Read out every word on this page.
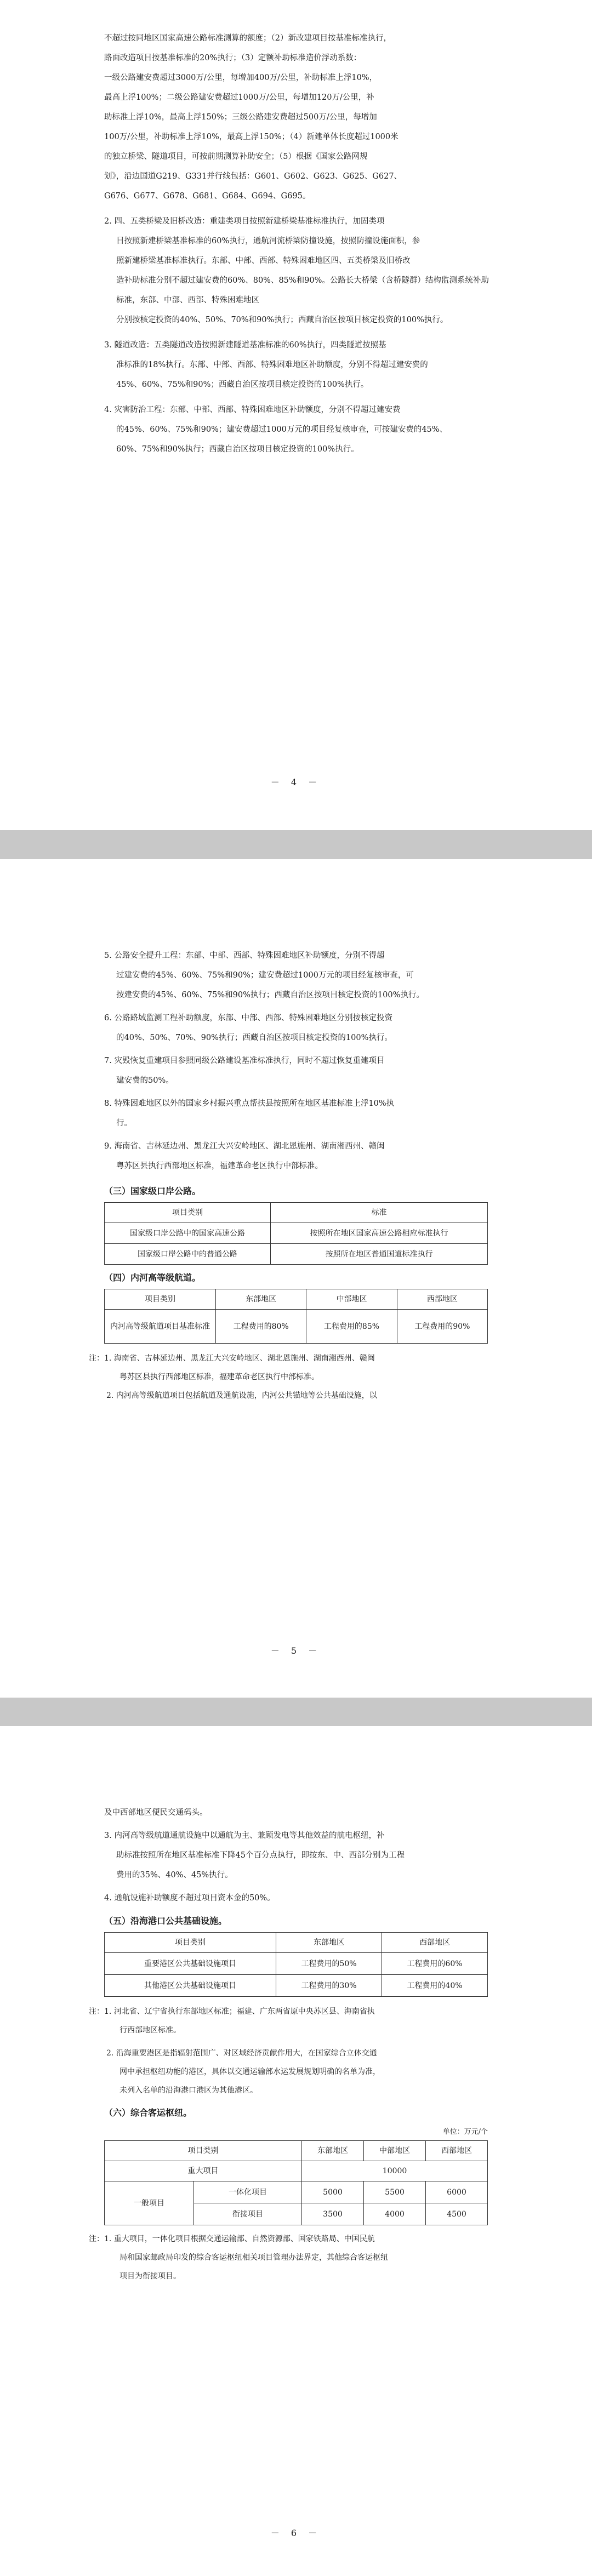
不超过按同地区国家高速公路标准测算的额度；（2）新改建项目按基准标准执行，

路面改造项目按基准标准的20%执行；（3）定额补助标准造价浮动系数：

一级公路建安费超过3000万/公里，每增加400万/公里，补助标准上浮10%，

最高上浮100%；二级公路建安费超过1000万/公里，每增加120万/公里，补

助标准上浮10%，最高上浮150%；三级公路建安费超过500万/公里，每增加

100万/公里，补助标准上浮10%，最高上浮150%；（4）新建单体长度超过1000米

的独立桥梁、隧道项目，可按前期测算补助安全；（5）根据《国家公路网规

划》，沿边国道G219、G331并行线包括：G601、G602、G623、G625、G627、

G676、G677、G678、G681、G684、G694、G695。

2. 四、五类桥梁及旧桥改造：重建类项目按照新建桥梁基准标准执行，加固类项

目按照新建桥梁基准标准的60%执行，通航河流桥梁防撞设施，按照防撞设施面积，参

照新建桥梁基准标准执行。东部、中部、西部、特殊困难地区四、五类桥梁及旧桥改

造补助标准分别不超过建安费的60%、80%、85%和90%。公路长大桥梁（含桥隧群）结构监测系统补助标准，东部、中部、西部、特殊困难地区

分别按核定投资的40%、50%、70%和90%执行；西藏自治区按项目核定投资的100%执行。

3. 隧道改造：五类隧道改造按照新建隧道基准标准的60%执行，四类隧道按照基

准标准的18%执行。东部、中部、西部、特殊困难地区补助额度，分别不得超过建安费的

45%、60%、75%和90%；西藏自治区按项目核定投资的100%执行。

4. 灾害防治工程：东部、中部、西部、特殊困难地区补助额度，分别不得超过建安费

的45%、60%、75%和90%；建安费超过1000万元的项目经复核审查，可按建安费的45%、

60%、75%和90%执行；西藏自治区按项目核定投资的100%执行。

－ 4 －

5. 公路安全提升工程：东部、中部、西部、特殊困难地区补助额度，分别不得超

过建安费的45%、60%、75%和90%；建安费超过1000万元的项目经复核审查，可

按建安费的45%、60%、75%和90%执行；西藏自治区按项目核定投资的100%执行。

6. 公路路域监测工程补助额度，东部、中部、西部、特殊困难地区分别按核定投资

的40%、50%、70%、90%执行；西藏自治区按项目核定投资的100%执行。

7. 灾毁恢复重建项目参照同级公路建设基准标准执行，同时不超过恢复重建项目

建安费的50%。

8. 特殊困难地区以外的国家乡村振兴重点帮扶县按照所在地区基准标准上浮10%执

行。

9. 海南省、吉林延边州、黑龙江大兴安岭地区、湖北恩施州、湖南湘西州、赣闽

粤苏区县执行西部地区标准，福建革命老区执行中部标准。

（三）国家级口岸公路。
项目类别	标准
国家级口岸公路中的国家高速公路	按照所在地区国家高速公路相应标准执行
国家级口岸公路中的普通公路	按照所在地区普通国道标准执行
（四）内河高等级航道。
项目类别	东部地区	中部地区	西部地区
内河高等级航道项目基准标准	工程费用的80%	工程费用的85%	工程费用的90%

注：1. 海南省、吉林延边州、黑龙江大兴安岭地区、湖北恩施州、湖南湘西州、赣闽

粤苏区县执行西部地区标准，福建革命老区执行中部标准。

2. 内河高等级航道项目包括航道及通航设施，内河公共锚地等公共基础设施，以

－ 5 －

及中西部地区便民交通码头。

3. 内河高等级航道通航设施中以通航为主、兼顾发电等其他效益的航电枢纽，补

助标准按照所在地区基准标准下降45个百分点执行，即按东、中、西部分别为工程

费用的35%、40%、45%执行。

4. 通航设施补助额度不超过项目资本金的50%。

（五）沿海港口公共基础设施。
项目类别	东部地区	西部地区
重要港区公共基础设施项目	工程费用的50%	工程费用的60%
其他港区公共基础设施项目	工程费用的30%	工程费用的40%

注：1. 河北省、辽宁省执行东部地区标准；福建、广东两省原中央苏区县、海南省执

行西部地区标准。

2. 沿海重要港区是指辐射范围广、对区域经济贡献作用大，在国家综合立体交通

网中承担枢纽功能的港区，具体以交通运输部水运发展规划明确的名单为准，

未列入名单的沿海港口港区为其他港区。

（六）综合客运枢纽。
单位：万元/个
项目类别		东部地区	中部地区	西部地区
重大项目		10000		
一般项目	一体化项目	5000	5500	6000
	衔接项目	3500	4000	4500

注：1. 重大项目，一体化项目根据交通运输部、自然资源部、国家铁路局、中国民航

局和国家邮政局印发的综合客运枢纽相关项目管理办法界定，其他综合客运枢纽

项目为衔接项目。

－ 6 －
